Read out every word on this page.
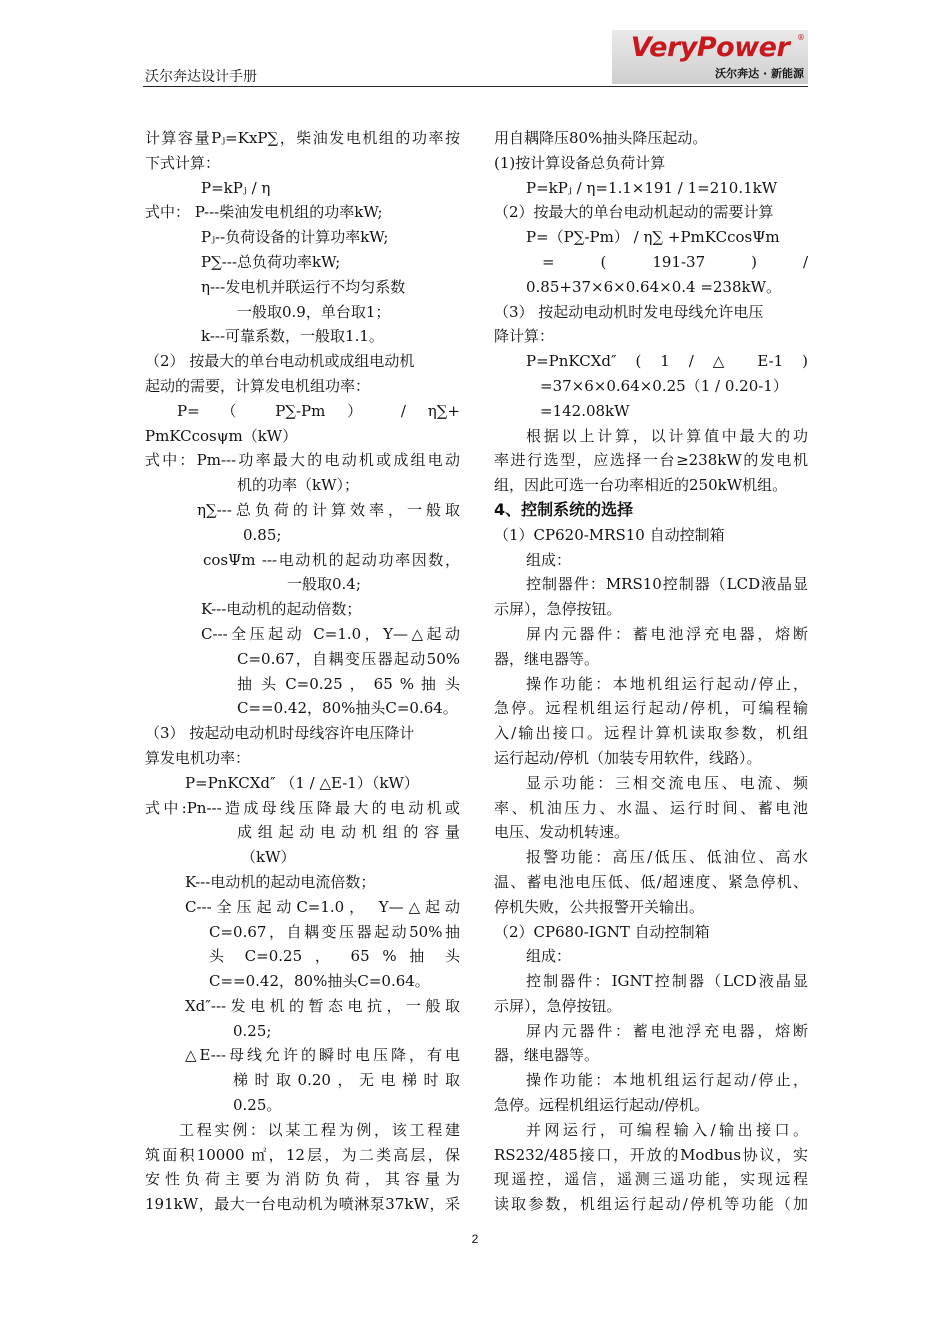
沃尔奔达设计手册
VeryPower ®
沃尔奔达 · 新能源
计算容量Pⱼ=KxP∑，柴油发电机组的功率按
下式计算：
P=kPⱼ / η
式中： P---柴油发电机组的功率kW;
Pⱼ--负荷设备的计算功率kW;
P∑---总负荷功率kW;
η---发电机并联运行不均匀系数
一般取0.9，单台取1；
k---可靠系数，一般取1.1。
（2） 按最大的单台电动机或成组电动机
起动的需要，计算发电机组功率：
P= （ P∑-Pm ） / η∑+
PmKCcosψm（kW）
式中：Pm---功率最大的电动机或成组电动
机的功率（kW）；
η∑---总负荷的计算效率，一般取
0.85;
cosΨm ---电动机的起动功率因数，
一般取0.4;
K---电动机的起动倍数；
C---全压起动 C=1.0，Y—△起动
C=0.67，自耦变压器起动50%
抽 头 C=0.25 ， 65 % 抽 头
C==0.42，80%抽头C=0.64。
（3） 按起动电动机时母线容许电压降计
算发电机功率：
P=PnKCXd″ （1 / △E-1）（kW）
式中:Pn---造成母线压降最大的电动机或
成组起动电动机组的容量
（kW）
K---电动机的起动电流倍数；
C---全压起动C=1.0， Y—△起动
C=0.67，自耦变压器起动50%抽
头 C=0.25 ， 65 % 抽 头
C==0.42，80%抽头C=0.64。
Xd″---发电机的暂态电抗，一般取
0.25;
△E---母线允许的瞬时电压降，有电
梯时取0.20，无电梯时取
0.25。
工程实例：以某工程为例，该工程建
筑面积10000 ㎡，12层，为二类高层，保
安性负荷主要为消防负荷，其容量为
191kW，最大一台电动机为喷淋泵37kW，采
用自耦降压80%抽头降压起动。
(1)按计算设备总负荷计算
P=kPⱼ / η=1.1×191 / 1=210.1kW
（2）按最大的单台电动机起动的需要计算
P=（P∑-Pm） / η∑ +PmKCcosΨm
= ( 191-37 ) /
0.85+37×6×0.64×0.4 =238kW。
（3） 按起动电动机时发电母线允许电压
降计算：
P=PnKCXd″ ( 1 / △ E-1 )
=37×6×0.64×0.25（1 / 0.20-1）
=142.08kW
根据以上计算，以计算值中最大的功
率进行选型，应选择一台≥238kW的发电机
组，因此可选一台功率相近的250kW机组。
4、控制系统的选择
（1）CP620-MRS10 自动控制箱
组成：
控制器件：MRS10控制器（LCD液晶显
示屏），急停按钮。
屏内元器件：蓄电池浮充电器，熔断
器，继电器等。
操作功能：本地机组运行起动/停止，
急停。远程机组运行起动/停机，可编程输
入/输出接口。远程计算机读取参数，机组
运行起动/停机（加装专用软件，线路）。
显示功能：三相交流电压、电流、频
率、机油压力、水温、运行时间、蓄电池
电压、发动机转速。
报警功能：高压/低压、低油位、高水
温、蓄电池电压低、低/超速度、紧急停机、
停机失败，公共报警开关输出。
（2）CP680-IGNT 自动控制箱
组成：
控制器件：IGNT控制器（LCD液晶显
示屏），急停按钮。
屏内元器件：蓄电池浮充电器，熔断
器，继电器等。
操作功能：本地机组运行起动/停止，
急停。远程机组运行起动/停机。
并网运行，可编程输入/输出接口。
RS232/485接口，开放的Modbus协议，实
现遥控，遥信，遥测三遥功能，实现远程
读取参数，机组运行起动/停机等功能（加
2
